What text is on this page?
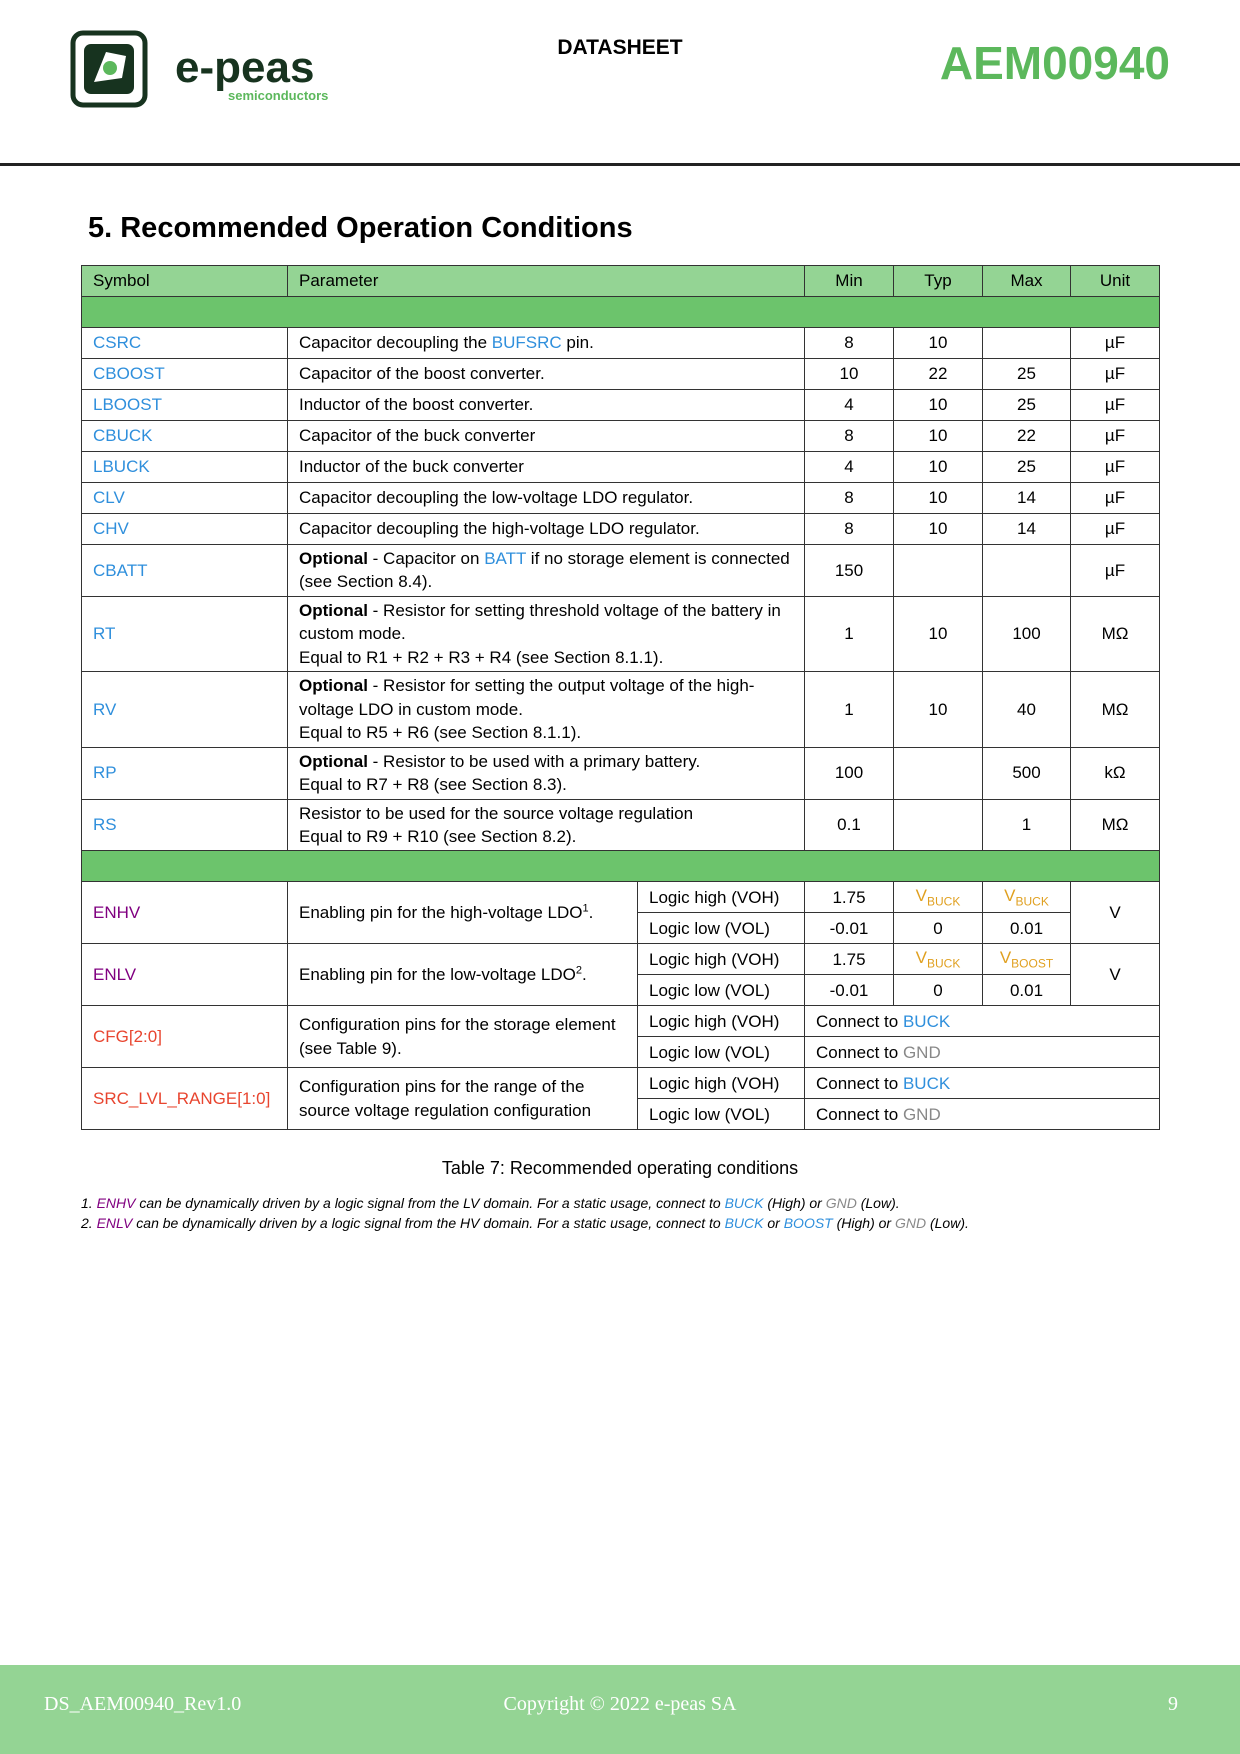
e-peas
semiconductors
DATASHEET	AEM00940
5. Recommended Operation Conditions
Symbol	Parameter		Min	Typ	Max	Unit

CSRC	Capacitor decoupling the BUFSRC pin.		8	10		µF
CBOOST	Capacitor of the boost converter.		10	22	25	µF
LBOOST	Inductor of the boost converter.		4	10	25	µF
CBUCK	Capacitor of the buck converter		8	10	22	µF
LBUCK	Inductor of the buck converter		4	10	25	µF
CLV	Capacitor decoupling the low-voltage LDO regulator.		8	10	14	µF
CHV	Capacitor decoupling the high-voltage LDO regulator.		8	10	14	µF
CBATT	Optional - Capacitor on BATT if no storage element is connected (see Section 8.4).		150			µF
RT	Optional - Resistor for setting threshold voltage of the battery in custom mode.
Equal to R1 + R2 + R3 + R4 (see Section 8.1.1).		1	10	100	MΩ
RV	Optional - Resistor for setting the output voltage of the high-voltage LDO in custom mode.
Equal to R5 + R6 (see Section 8.1.1).		1	10	40	MΩ
RP	Optional - Resistor to be used with a primary battery.
Equal to R7 + R8 (see Section 8.3).		100		500	kΩ
RS	Resistor to be used for the source voltage regulation
Equal to R9 + R10 (see Section 8.2).		0.1		1	MΩ

ENHV	Enabling pin for the high-voltage LDO$^1$.	Logic high (VOH)	1.75	$V_{BUCK}$	$V_{BUCK}$	V
		Logic low (VOL)	-0.01	0	0.01	
ENLV	Enabling pin for the low-voltage LDO$^2$.	Logic high (VOH)	1.75	$V_{BUCK}$	$V_{BOOST}$	V
		Logic low (VOL)	-0.01	0	0.01	
CFG[2:0]	Configuration pins for the storage element (see Table 9).	Logic high (VOH)	Connect to BUCK			
		Logic low (VOL)	Connect to GND			
SRC_LVL_RANGE[1:0]	Configuration pins for the range of the source voltage regulation configuration	Logic high (VOH)	Connect to BUCK			
		Logic low (VOL)	Connect to GND			
Table 7: Recommended operating conditions
1. ENHV can be dynamically driven by a logic signal from the LV domain. For a static usage, connect to BUCK (High) or GND (Low).
2. ENLV can be dynamically driven by a logic signal from the HV domain. For a static usage, connect to BUCK or BOOST (High) or GND (Low).
DS_AEM00940_Rev1.0	Copyright © 2022 e-peas SA	9
